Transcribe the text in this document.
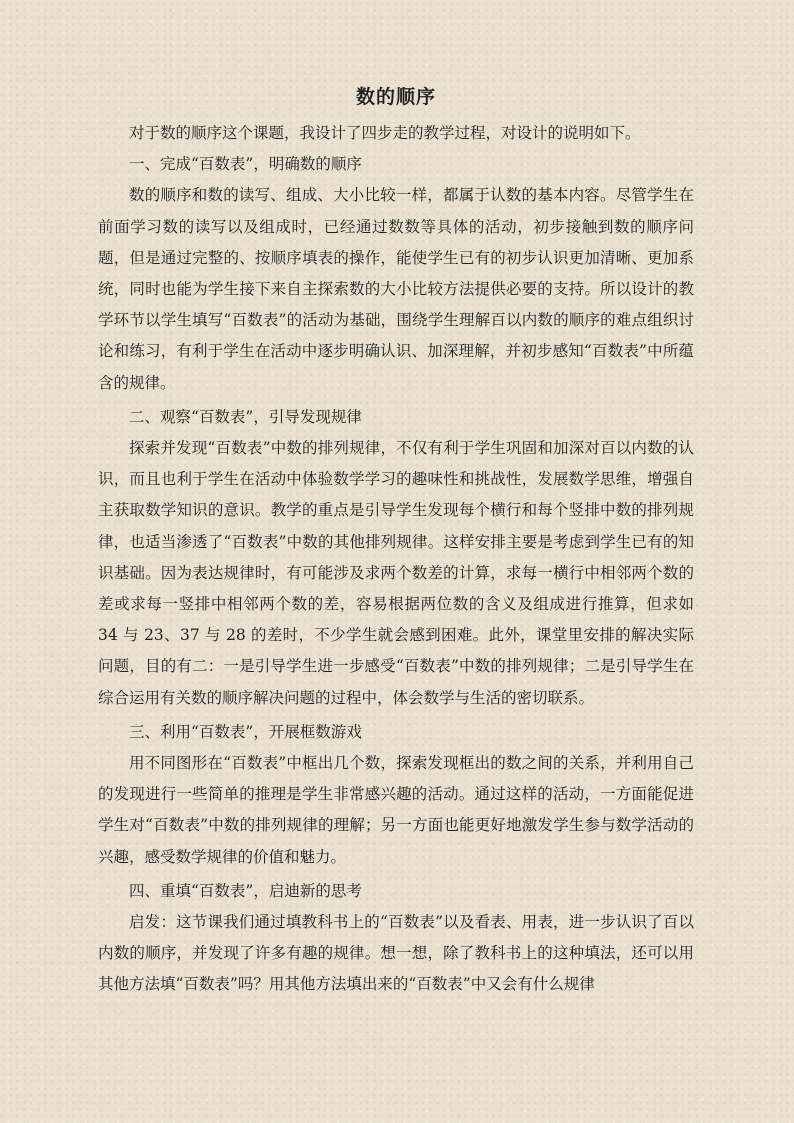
数的顺序

对于数的顺序这个课题，我设计了四步走的教学过程，对设计的说明如下。

一、完成“百数表”，明确数的顺序

数的顺序和数的读写、组成、大小比较一样，都属于认数的基本内容。尽管学生在前面学习数的读写以及组成时，已经通过数数等具体的活动，初步接触到数的顺序问题，但是通过完整的、按顺序填表的操作，能使学生已有的初步认识更加清晰、更加系统，同时也能为学生接下来自主探索数的大小比较方法提供必要的支持。所以设计的教学环节以学生填写“百数表”的活动为基础，围绕学生理解百以内数的顺序的难点组织讨论和练习，有利于学生在活动中逐步明确认识、加深理解，并初步感知“百数表”中所蕴含的规律。

二、观察“百数表”，引导发现规律

探索并发现“百数表”中数的排列规律，不仅有利于学生巩固和加深对百以内数的认识，而且也利于学生在活动中体验数学学习的趣味性和挑战性，发展数学思维，增强自主获取数学知识的意识。教学的重点是引导学生发现每个横行和每个竖排中数的排列规律，也适当渗透了“百数表”中数的其他排列规律。这样安排主要是考虑到学生已有的知识基础。因为表达规律时，有可能涉及求两个数差的计算，求每一横行中相邻两个数的差或求每一竖排中相邻两个数的差，容易根据两位数的含义及组成进行推算，但求如 34 与 23、37 与 28 的差时，不少学生就会感到困难。此外，课堂里安排的解决实际问题，目的有二：一是引导学生进一步感受“百数表”中数的排列规律；二是引导学生在综合运用有关数的顺序解决问题的过程中，体会数学与生活的密切联系。

三、利用“百数表”，开展框数游戏

用不同图形在“百数表”中框出几个数，探索发现框出的数之间的关系，并利用自己的发现进行一些简单的推理是学生非常感兴趣的活动。通过这样的活动，一方面能促进学生对“百数表”中数的排列规律的理解；另一方面也能更好地激发学生参与数学活动的兴趣，感受数学规律的价值和魅力。

四、重填“百数表”，启迪新的思考

启发：这节课我们通过填教科书上的“百数表”以及看表、用表，进一步认识了百以内数的顺序，并发现了许多有趣的规律。想一想，除了教科书上的这种填法，还可以用其他方法填“百数表”吗？用其他方法填出来的“百数表”中又会有什么规律
